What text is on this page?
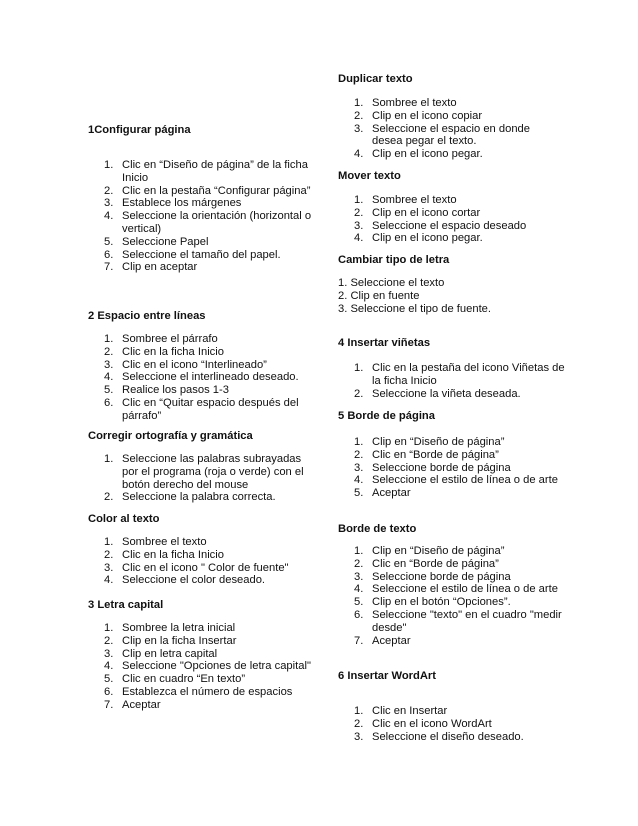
1Configurar página
1. Clic en “Diseño de página” de la ficha Inicio
2. Clic en la pestaña “Configurar página”
3. Establece los márgenes
4. Seleccione la orientación (horizontal o vertical)
5. Seleccione Papel
6. Seleccione el tamaño del papel.
7. Clip en aceptar
2 Espacio entre líneas
1. Sombree el párrafo
2. Clic en la ficha Inicio
3. Clic en el icono “Interlineado”
4. Seleccione el interlineado deseado.
5. Realice los pasos 1-3
6. Clic en “Quitar espacio después del párrafo”
Corregir ortografía y gramática
1. Seleccione las palabras subrayadas por el programa (roja o verde) con el botón derecho del mouse
2. Seleccione la palabra correcta.
Color al texto
1. Sombree el texto
2. Clic en la ficha Inicio
3. Clic en el icono " Color de fuente"
4. Seleccione el color deseado.
3 Letra capital
1. Sombree la letra inicial
2. Clip en la ficha Insertar
3. Clip en letra capital
4. Seleccione "Opciones de letra capital"
5. Clic en cuadro “En texto”
6. Establezca el número de espacios
7. Aceptar
Duplicar texto
1. Sombree el texto
2. Clip en el icono copiar
3. Seleccione el espacio en donde desea pegar el texto.
4. Clip en el icono pegar.
Mover texto
1. Sombree el texto
2. Clip en el icono cortar
3. Seleccione el espacio deseado
4. Clip en el icono pegar.
Cambiar tipo de letra
1. Seleccione el texto
2. Clip en fuente
3. Seleccione el tipo de fuente.
4 Insertar viñetas
1. Clic en la pestaña del icono Viñetas de la ficha Inicio
2. Seleccione la viñeta deseada.
5 Borde de página
1. Clip en “Diseño de página”
2. Clic en “Borde de página”
3. Seleccione borde de página
4. Seleccione el estilo de línea o de arte
5. Aceptar
Borde de texto
1. Clip en “Diseño de página”
2. Clic en “Borde de página”
3. Seleccione borde de página
4. Seleccione el estilo de línea o de arte
5. Clip en el botón “Opciones”.
6. Seleccione "texto" en el cuadro "medir desde"
7. Aceptar
6 Insertar WordArt
1. Clic en Insertar
2. Clic en el icono WordArt
3. Seleccione el diseño deseado.
